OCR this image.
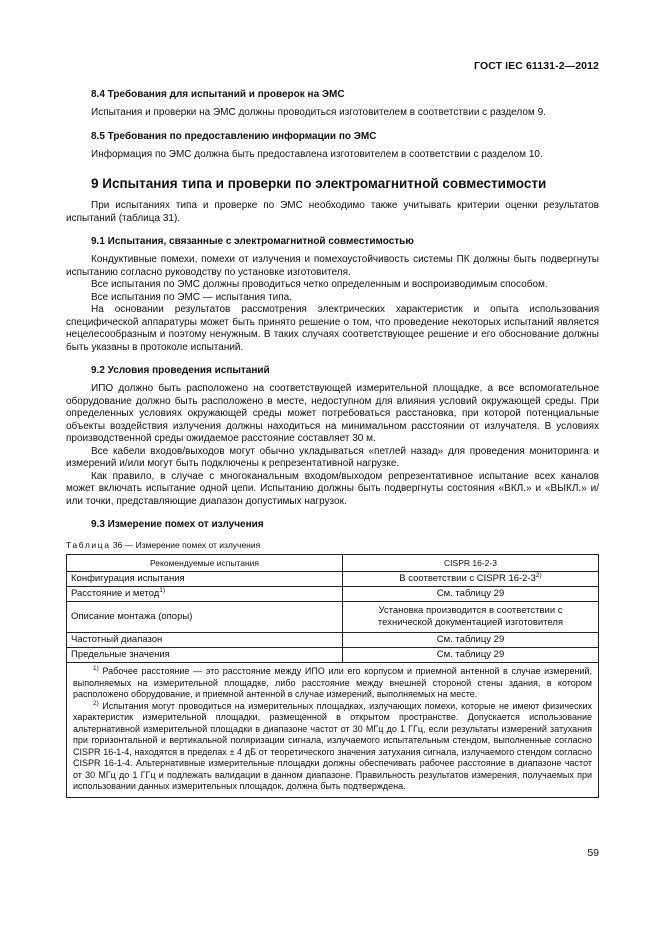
ГОСТ IEC 61131-2—2012
8.4 Требования для испытаний и проверок на ЭМС

Испытания и проверки на ЭМС должны проводиться изготовителем в соответствии с разделом 9.

8.5 Требования по предоставлению информации по ЭМС

Информация по ЭМС должна быть предоставлена изготовителем в соответствии с разделом 10.

9 Испытания типа и проверки по электромагнитной совместимости

При испытаниях типа и проверке по ЭМС необходимо также учитывать критерии оценки результатов испытаний (таблица 31).

9.1 Испытания, связанные с электромагнитной совместимостью

Кондуктивные помехи, помехи от излучения и помехоустойчивость системы ПК должны быть подвергнуты испытанию согласно руководству по установке изготовителя.

Все испытания по ЭМС должны проводиться четко определенным и воспроизводимым способом.

Все испытания по ЭМС — испытания типа.

На основании результатов рассмотрения электрических характеристик и опыта использования специфической аппаратуры может быть принято решение о том, что проведение некоторых испытаний является нецелесообразным и поэтому ненужным. В таких случаях соответствующее решение и его обоснование должны быть указаны в протоколе испытаний.

9.2 Условия проведения испытаний

ИПО должно быть расположено на соответствующей измерительной площадке, а все вспомогательное оборудование должно быть расположено в месте, недоступном для влияния условий окружающей среды. При определенных условиях окружающей среды может потребоваться расстановка, при которой потенциальные объекты воздействия излучения должны находиться на минимальном расстоянии от излучателя. В условиях производственной среды ожидаемое расстояние составляет 30 м.

Все кабели входов/выходов могут обычно укладываться «петлей назад» для проведения мониторинга и измерений и/или могут быть подключены к репрезентативной нагрузке.

Как правило, в случае с многоканальным входом/выходом репрезентативное испытание всех каналов может включать испытание одной цепи. Испытанию должны быть подвергнуты состояния «ВКЛ.» и «ВЫКЛ.» и/или точки, представляющие диапазон допустимых нагрузок.

9.3 Измерение помех от излучения

Таблица 36 — Измерение помех от излучения

Рекомендуемые испытания	CISPR 16-2-3
Конфигурация испытания	В соответствии с CISPR 16-2-3$^{2)}$
Расстояние и метод$^{1)}$	См. таблицу 29
Описание монтажа (опоры)	Установка производится в соответствии с технической документацией изготовителя
Частотный диапазон	См. таблицу 29
Предельные значения	См. таблицу 29

$^{1)}$ Рабочее расстояние — это расстояние между ИПО или его корпусом и приемной антенной в случае измерений, выполняемых на измерительной площадке, либо расстояние между внешней стороной стены здания, в котором расположено оборудование, и приемной антенной в случае измерений, выполняемых на месте.

$^{2)}$ Испытания могут проводиться на измерительных площадках, излучающих помехи, которые не имеют физических характеристик измерительной площадки, размещенной в открытом пространстве. Допускается использование альтернативной измерительной площадки в диапазоне частот от 30 МГц до 1 ГГц, если результаты измерений затухания при горизонтальной и вертикальной поляризации сигнала, излучаемого испытательным стендом, выполненные согласно CISPR 16-1-4, находятся в пределах ± 4 дБ от теоретического значения затухания сигнала, излучаемого стендом согласно CISPR 16-1-4. Альтернативные измерительные площадки должны обеспечивать рабочее расстояние в диапазоне частот от 30 МГц до 1 ГГц и подлежать валидации в данном диапазоне. Правильность результатов измерения, получаемых при использовании данных измерительных площадок, должна быть подтверждена.	

59
